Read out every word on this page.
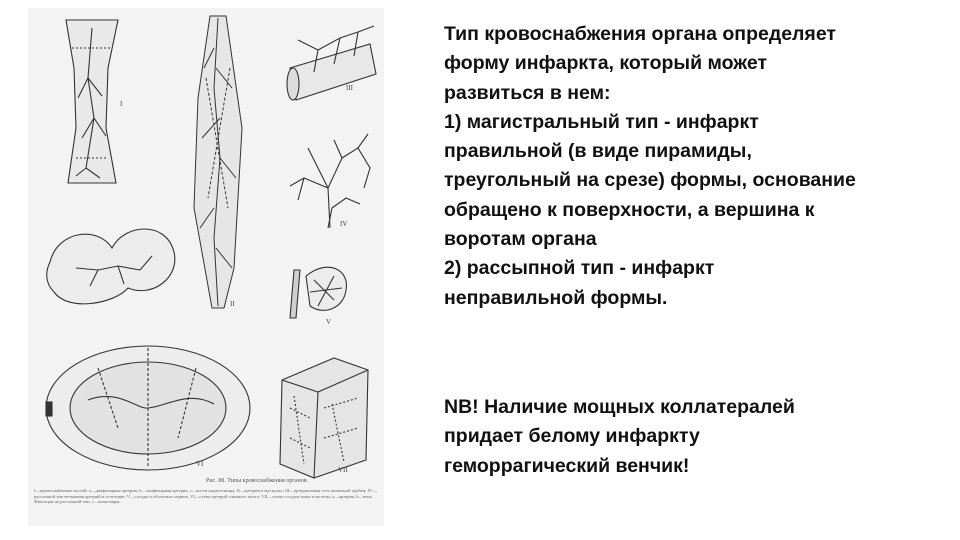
I
II
III
IV
V
VI
VII
Рис. 88. Типы кровоснабжения органов.
I—кровоснабжение костей; а—диафизарная артерия, b—эпифизарная артерия, с—кости надкостницы; II—артерии в мускулах; III—артериальная сеть кишечной трубки; IV—рассыпной тип ветвления артерий в селезенке; V—сосуды в оболочках нервов; VI—схема артерий спинного мозга; VII—схема сосудов кожи и железы; а—артерия, b—вена. Фиксация на рассыпной тип, с—капилляры.

Тип кровоснабжения органа определяет

форму инфаркта, который может

развиться в нем:

1) магистральный тип - инфаркт

правильной (в виде пирамиды,

треугольный на срезе) формы, основание

обращено к поверхности, а вершина к

воротам органа

2) рассыпной тип - инфаркт

неправильной формы.

NB! Наличие мощных коллатералей

придает белому инфаркту

геморрагический венчик!
